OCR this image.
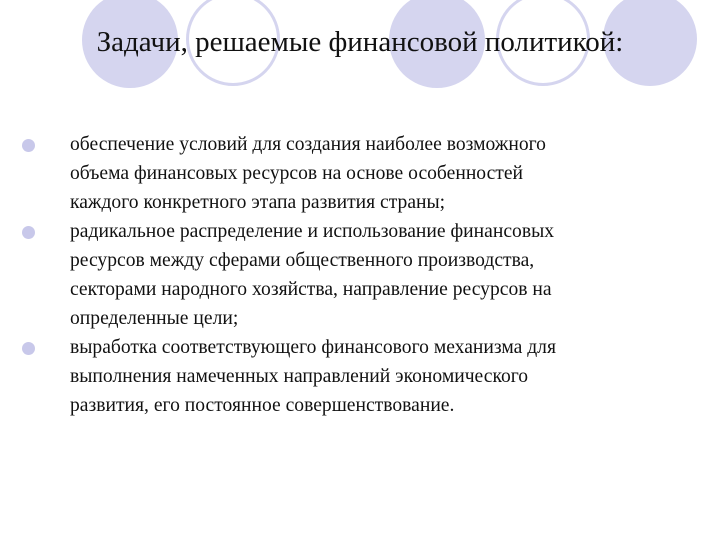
Задачи, решаемые финансовой политикой:
обеспечение условий для создания наиболее возможного
объема финансовых ресурсов на основе особенностей
каждого конкретного этапа развития страны;
радикальное распределение и использование финансовых
ресурсов между сферами общественного производства,
секторами народного хозяйства, направление ресурсов на
определенные цели;
выработка соответствующего финансового механизма для
выполнения намеченных направлений экономического
развития, его постоянное совершенствование.
